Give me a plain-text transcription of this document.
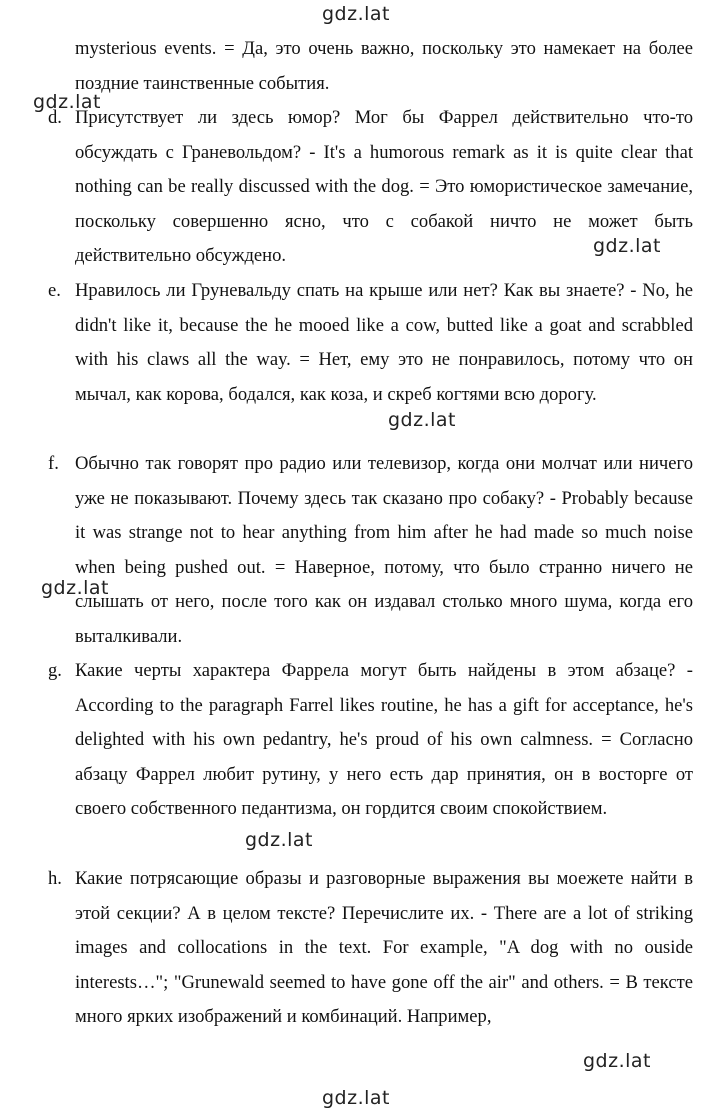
mysterious events. = Да, это очень важно, поскольку это намекает на более поздние таинственные события.
d. Присутствует ли здесь юмор? Мог бы Фаррел действительно что-то обсуждать с Граневольдом? - It's a humorous remark as it is quite clear that nothing can be really discussed with the dog. = Это юмористическое замечание, поскольку совершенно ясно, что с собакой ничто не может быть действительно обсуждено.
e. Нравилось ли Груневальду спать на крыше или нет? Как вы знаете? - No, he didn't like it, because the he mooed like a cow, butted like a goat and scrabbled with his claws all the way. = Нет, ему это не понравилось, потому что он мычал, как корова, бодался, как коза, и скреб когтями всю дорогу.
f. Обычно так говорят про радио или телевизор, когда они молчат или ничего уже не показывают. Почему здесь так сказано про собаку? - Probably because it was strange not to hear anything from him after he had made so much noise when being pushed out. = Наверное, потому, что было странно ничего не слышать от него, после того как он издавал столько много шума, когда его выталкивали.
g. Какие черты характера Фаррела могут быть найдены в этом абзаце? - According to the paragraph Farrel likes routine, he has a gift for acceptance, he's delighted with his own pedantry, he's proud of his own calmness. = Согласно абзацу Фаррел любит рутину, у него есть дар принятия, он в восторге от своего собственного педантизма, он гордится своим спокойствием.
h. Какие потрясающие образы и разговорные выражения вы моежете найти в этой секции? А в целом тексте? Перечислите их. - There are a lot of striking images and collocations in the text. For example, "A dog with no ouside interests…"; "Grunewald seemed to have gone off the air" and others. = В тексте много ярких изображений и комбинаций. Например,
gdz.lat
gdz.lat
gdz.lat
gdz.lat
gdz.lat
gdz.lat
gdz.lat
gdz.lat
